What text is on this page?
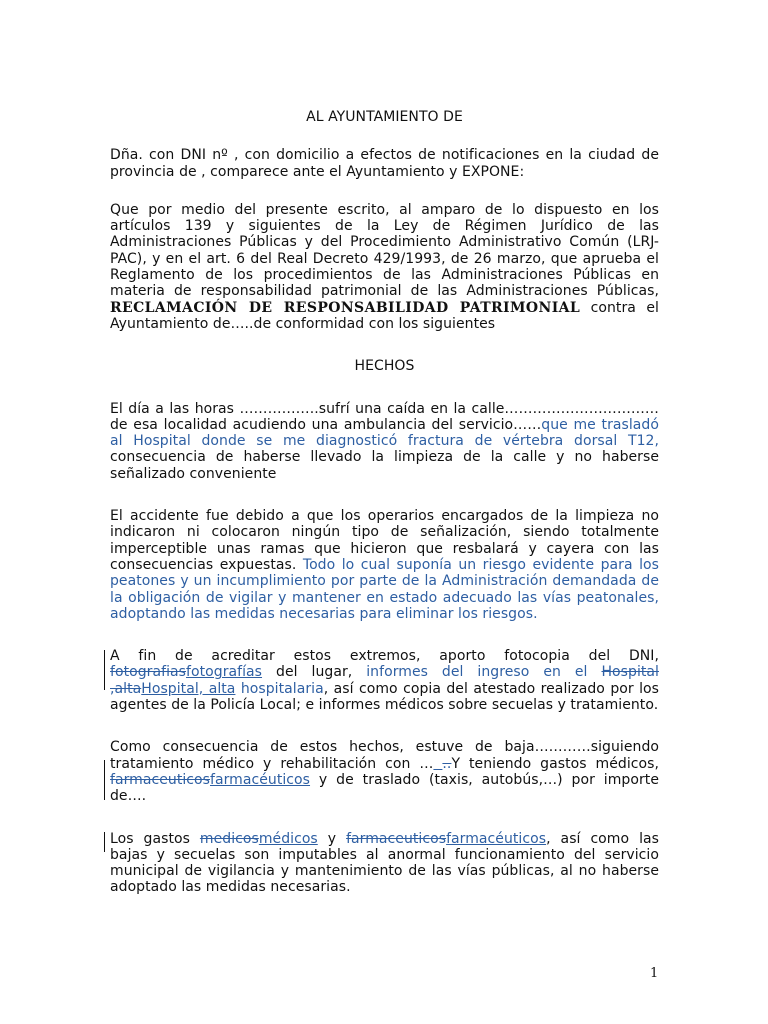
AL AYUNTAMIENTO DE

Dña. con DNI nº , con domicilio a efectos de notificaciones en la ciudad de provincia de , comparece ante el Ayuntamiento y EXPONE:

Que por medio del presente escrito, al amparo de lo dispuesto en los artículos 139 y siguientes de la Ley de Régimen Jurídico de las Administraciones Públicas y del Procedimiento Administrativo Común (LRJ-PAC), y en el art. 6 del Real Decreto 429/1993, de 26 marzo, que aprueba el Reglamento de los procedimientos de las Administraciones Públicas en materia de responsabilidad patrimonial de las Administraciones Públicas, RECLAMACIÓN DE RESPONSABILIDAD PATRIMONIAL contra el Ayuntamiento de…..de conformidad con los siguientes

HECHOS

El día a las horas ……………..sufrí una caída en la calle…………………………… de esa localidad acudiendo una ambulancia del servicio……que me trasladó al Hospital donde se me diagnosticó fractura de vértebra dorsal T12, consecuencia de haberse llevado la limpieza de la calle y no haberse señalizado conveniente

El accidente fue debido a que los operarios encargados de la limpieza no indicaron ni colocaron ningún tipo de señalización, siendo totalmente imperceptible unas ramas que hicieron que resbalará y cayera con las consecuencias expuestas. Todo lo cual suponía un riesgo evidente para los peatones y un incumplimiento por parte de la Administración demandada de la obligación de vigilar y mantener en estado adecuado las vías peatonales, adoptando las medidas necesarias para eliminar los riesgos.

A fin de acreditar estos extremos, aporto fotocopia del DNI, fotografiasfotografías del lugar, informes del ingreso en el Hospital ,altaHospital, alta hospitalaria, así como copia del atestado realizado por los agentes de la Policía Local; e informes médicos sobre secuelas y tratamiento.

Como consecuencia de estos hechos, estuve de baja…………siguiendo tratamiento médico y rehabilitación con … ..Y teniendo gastos médicos, farmaceuticosfarmacéuticos y de traslado (taxis, autobús,…) por importe de….

Los gastos medicosmédicos y farmaceuticosfarmacéuticos, así como las bajas y secuelas son imputables al anormal funcionamiento del servicio municipal de vigilancia y mantenimiento de las vías públicas, al no haberse adoptado las medidas necesarias.

1
